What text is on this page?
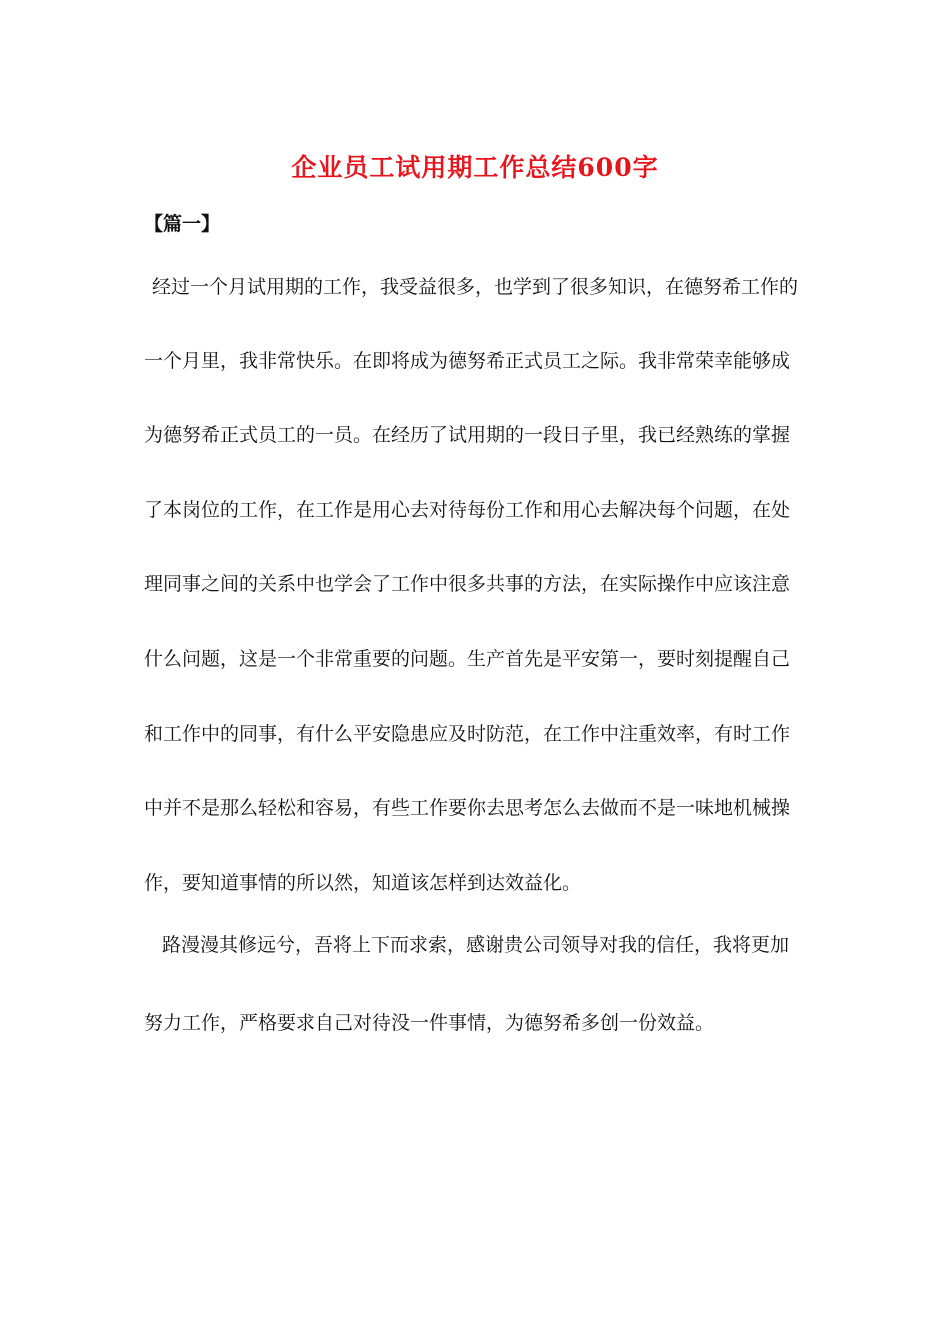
企业员工试用期工作总结600字
【篇一】
经过一个月试用期的工作，我受益很多，也学到了很多知识，在德努希工作的
一个月里，我非常快乐。在即将成为德努希正式员工之际。我非常荣幸能够成
为德努希正式员工的一员。在经历了试用期的一段日子里，我已经熟练的掌握
了本岗位的工作，在工作是用心去对待每份工作和用心去解决每个问题，在处
理同事之间的关系中也学会了工作中很多共事的方法，在实际操作中应该注意
什么问题，这是一个非常重要的问题。生产首先是平安第一，要时刻提醒自己
和工作中的同事，有什么平安隐患应及时防范，在工作中注重效率，有时工作
中并不是那么轻松和容易，有些工作要你去思考怎么去做而不是一味地机械操
作，要知道事情的所以然，知道该怎样到达效益化。
路漫漫其修远兮，吾将上下而求索，感谢贵公司领导对我的信任，我将更加
努力工作，严格要求自己对待没一件事情，为德努希多创一份效益。
